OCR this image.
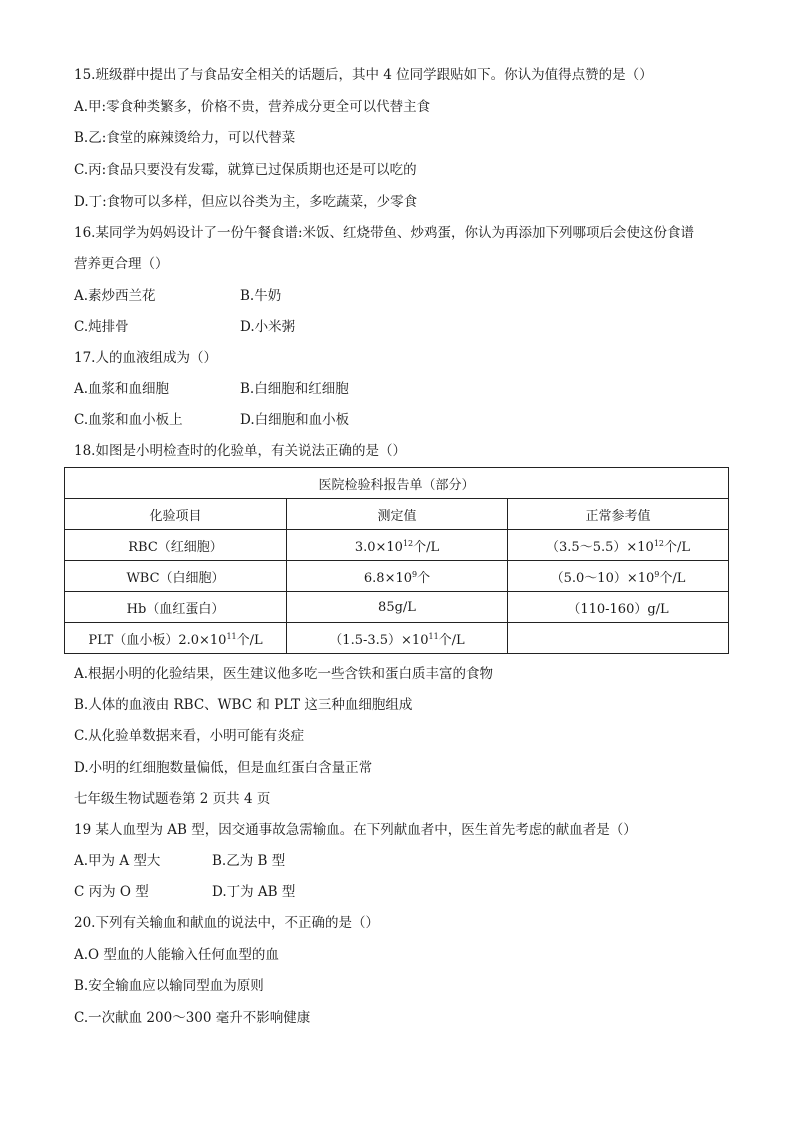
15.班级群中提出了与食品安全相关的话题后，其中 4 位同学跟贴如下。你认为值得点赞的是（）
A.甲:零食种类繁多，价格不贵，营养成分更全可以代替主食
B.乙:食堂的麻辣烫给力，可以代替菜
C.丙:食品只要没有发霉，就算已过保质期也还是可以吃的
D.丁:食物可以多样，但应以谷类为主，多吃蔬菜，少零食
16.某同学为妈妈设计了一份午餐食谱:米饭、红烧带鱼、炒鸡蛋，你认为再添加下列哪项后会使这份食谱
营养更合理（）
A.素炒西兰花	B.牛奶
C.炖排骨	D.小米粥
17.人的血液组成为（）
A.血浆和血细胞	B.白细胞和红细胞
C.血浆和血小板上	D.白细胞和血小板
18.如图是小明检查时的化验单，有关说法正确的是（）
医院检验科报告单（部分）		
化验项目	测定值	正常参考值
RBC（红细胞）	$3.0\times 10^{12}$个/L	$(3.5\sim 5.5)\times 10^{12}$个/L
WBC（白细胞）	$6.8\times 10^9$个	$(5.0\sim 10)\times 10^9$个/L
Hb（血红蛋白）	85g/L	（110-160）g/L
PLT（血小板）$2.0\times 10^{11}$个/L	$(1.5-3.5)\times 10^{11}$个/L	
A.根据小明的化验结果，医生建议他多吃一些含铁和蛋白质丰富的食物
B.人体的血液由 RBC、WBC 和 PLT 这三种血细胞组成
C.从化验单数据来看，小明可能有炎症
D.小明的红细胞数量偏低，但是血红蛋白含量正常
七年级生物试题卷第 2 页共 4 页
19 某人血型为 AB 型，因交通事故急需输血。在下列献血者中，医生首先考虑的献血者是（）
A.甲为 A 型大	B.乙为 B 型
C 丙为 O 型	D.丁为 AB 型
20.下列有关输血和献血的说法中，不正确的是（）
A.O 型血的人能输入任何血型的血
B.安全输血应以输同型血为原则
C.一次献血 200～300 毫升不影响健康
